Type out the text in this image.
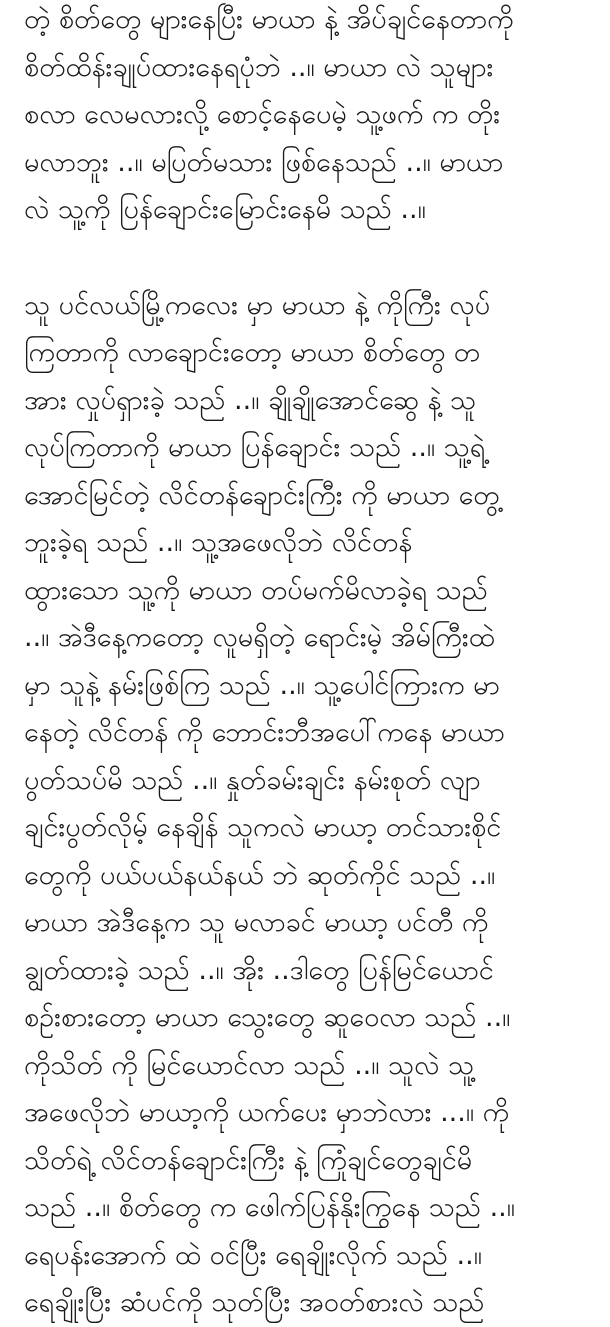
တဲ့ စိတ်တွေ များနေပြီး မာယာ နဲ့ အိပ်ချင်နေတာကို
စိတ်ထိန်းချုပ်ထားနေရပုံဘဲ ..။ မာယာ လဲ သူများ
စလာ လေမလားလို့ စောင့်နေပေမဲ့ သူ့ဖက် က တိုး
မလာဘူး ..။ မပြတ်မသား ဖြစ်နေသည် ..။ မာယာ
လဲ သူ့ကို ပြန်ချောင်းမြောင်းနေမိ သည် ..။
သူ ပင်လယ်မြို့ကလေး မှာ မာယာ နဲ့ ကိုကြီး လုပ်
ကြတာကို လာချောင်းတော့ မာယာ စိတ်တွေ တ
အား လှုပ်ရှားခဲ့ သည် ..။ ချိုချိုအောင်ဆွေ နဲ့ သူ
လုပ်ကြတာကို မာယာ ပြန်ချောင်း သည် ..။ သူ့ရဲ့
အောင်မြင်တဲ့ လိင်တန်ချောင်းကြီး ကို မာယာ တွေ့
ဘူးခဲ့ရ သည် ..။ သူ့အဖေလိုဘဲ လိင်တန်
ထွားသော သူ့ကို မာယာ တပ်မက်မိလာခဲ့ရ သည်
..။ အဲဒီနေ့ကတော့ လူမရှိတဲ့ ရောင်းမဲ့ အိမ်ကြီးထဲ
မှာ သူနဲ့ နမ်းဖြစ်ကြ သည် ..။ သူ့ပေါင်ကြားက မာ
နေတဲ့ လိင်တန် ကို ဘောင်းဘီအပေါ်ကနေ မာယာ
ပွတ်သပ်မိ သည် ..။ နှုတ်ခမ်းချင်း နမ်းစုတ် လျာ
ချင်းပွတ်လိုမ့် နေချိန် သူကလဲ မာယာ့ တင်သားစိုင်
တွေကို ပယ်ပယ်နယ်နယ် ဘဲ ဆုတ်ကိုင် သည် ..။
မာယာ အဲဒီနေ့က သူ မလာခင် မာယာ့ ပင်တီ ကို
ချွတ်ထားခဲ့ သည် ..။ အိုး ..ဒါတွေ ပြန်မြင်ယောင်
စဉ်းစားတော့ မာယာ သွေးတွေ ဆူဝေလာ သည် ..။
ကိုသိတ် ကို မြင်ယောင်လာ သည် ..။ သူလဲ သူ့
အဖေလိုဘဲ မာယာ့ကို ယက်ပေး မှာဘဲလား ...။ ကို
သိတ်ရဲ့ လိင်တန်ချောင်းကြီး နဲ့ ကြုံချင်တွေချင်မိ
သည် ..။ စိတ်တွေ က ဖေါက်ပြန်နိုးကြွနေ သည် ..။
ရေပန်းအောက် ထဲ ဝင်ပြီး ရေချိုးလိုက် သည် ..။
ရေချိုးပြီး ဆံပင်ကို သုတ်ပြီး အဝတ်စားလဲ သည်
